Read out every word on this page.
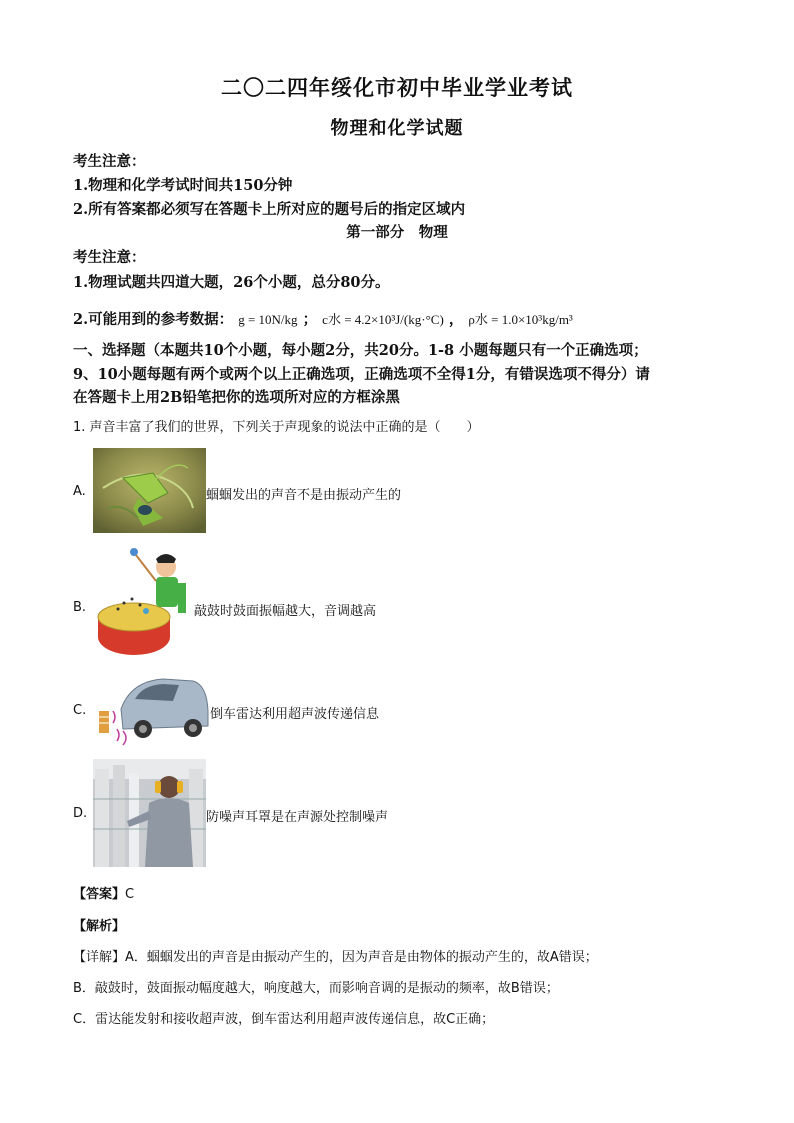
二〇二四年绥化市初中毕业学业考试
物理和化学试题
考生注意：
1.物理和化学考试时间共150分钟
2.所有答案都必须写在答题卡上所对应的题号后的指定区域内
第一部分　物理
考生注意：
1.物理试题共四道大题，26个小题，总分80分。
2.可能用到的参考数据： g = 10N/kg ； c水 = 4.2×10³J/(kg·°C) ， ρ水 = 1.0×10³kg/m³
一、选择题（本题共10个小题，每小题2分，共20分。1-8 小题每题只有一个正确选项；
9、10小题每题有两个或两个以上正确选项，正确选项不全得1分，有错误选项不得分）请
在答题卡上用2B铅笔把你的选项所对应的方框涂黑
1. 声音丰富了我们的世界，下列关于声现象的说法中正确的是（　　）
A.	蝈蝈发出的声音不是由振动产生的
B.	敲鼓时鼓面振幅越大，音调越高
C.	倒车雷达利用超声波传递信息
D.	防噪声耳罩是在声源处控制噪声
【答案】C
【解析】
【详解】A．蝈蝈发出的声音是由振动产生的，因为声音是由物体的振动产生的，故A错误；
B．敲鼓时，鼓面振动幅度越大，响度越大，而影响音调的是振动的频率，故B错误；
C．雷达能发射和接收超声波，倒车雷达利用超声波传递信息，故C正确；
